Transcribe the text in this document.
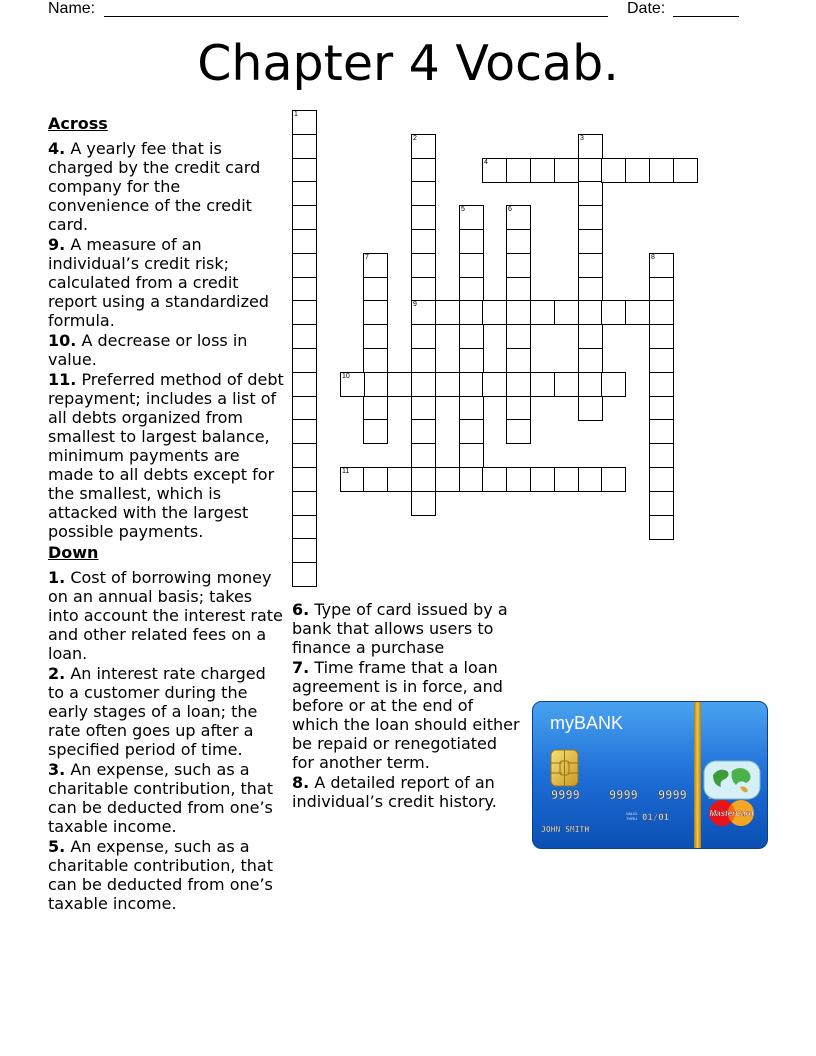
Name:	Date:
Chapter 4 Vocab.
Across
4. A yearly fee that is charged by the credit card company for the convenience of the credit card.
9. A measure of an individual’s credit risk; calculated from a credit report using a standardized formula.
10. A decrease or loss in value.
11. Preferred method of debt repayment; includes a list of all debts organized from smallest to largest balance, minimum payments are made to all debts except for the smallest, which is attacked with the largest possible payments.
Down
1. Cost of borrowing money on an annual basis; takes into account the interest rate and other related fees on a loan.
2. An interest rate charged to a customer during the early stages of a loan; the rate often goes up after a specified period of time.
3. An expense, such as a charitable contribution, that can be deducted from one’s taxable income.
5. An expense, such as a charitable contribution, that can be deducted from one’s taxable income.
6. Type of card issued by a bank that allows users to finance a purchase
7. Time frame that a loan agreement is in force, and before or at the end of which the loan should either be repaid or renegotiated for another term.
8. A detailed report of an individual’s credit history.
1
2
9
3
4
5	6
7	8
10
11
myBANK
9999 9999 9999
VALID
THRU 01/01
JOHN SMITH
MasterCard
